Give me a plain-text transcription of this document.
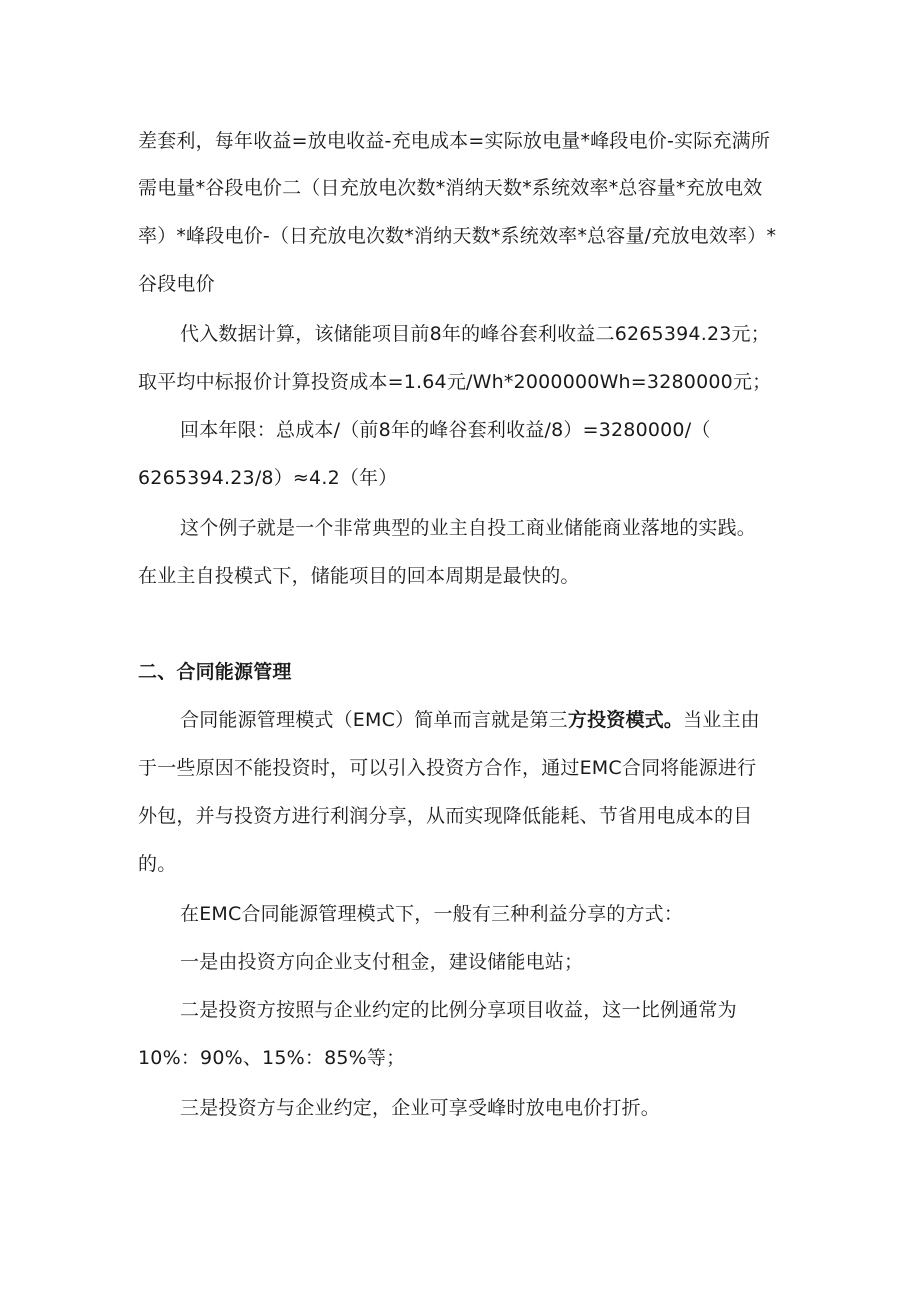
差套利，每年收益=放电收益-充电成本=实际放电量*峰段电价-实际充满所
需电量*谷段电价二（日充放电次数*消纳天数*系统效率*总容量*充放电效
率）*峰段电价-（日充放电次数*消纳天数*系统效率*总容量/充放电效率）*
谷段电价
代入数据计算，该储能项目前8年的峰谷套利收益二6265394.23元；
取平均中标报价计算投资成本=1.64元/Wh*2000000Wh=3280000元；
回本年限：总成本/（前8年的峰谷套利收益/8）=3280000/（
6265394.23/8）≈4.2（年）
这个例子就是一个非常典型的业主自投工商业储能商业落地的实践。
在业主自投模式下，储能项目的回本周期是最快的。
二、合同能源管理
合同能源管理模式（EMC）简单而言就是第三方投资模式。当业主由
于一些原因不能投资时，可以引入投资方合作，通过EMC合同将能源进行
外包，并与投资方进行利润分享，从而实现降低能耗、节省用电成本的目
的。
在EMC合同能源管理模式下，一般有三种利益分享的方式：
一是由投资方向企业支付租金，建设储能电站；
二是投资方按照与企业约定的比例分享项目收益，这一比例通常为
10%：90%、15%：85%等；
三是投资方与企业约定，企业可享受峰时放电电价打折。
